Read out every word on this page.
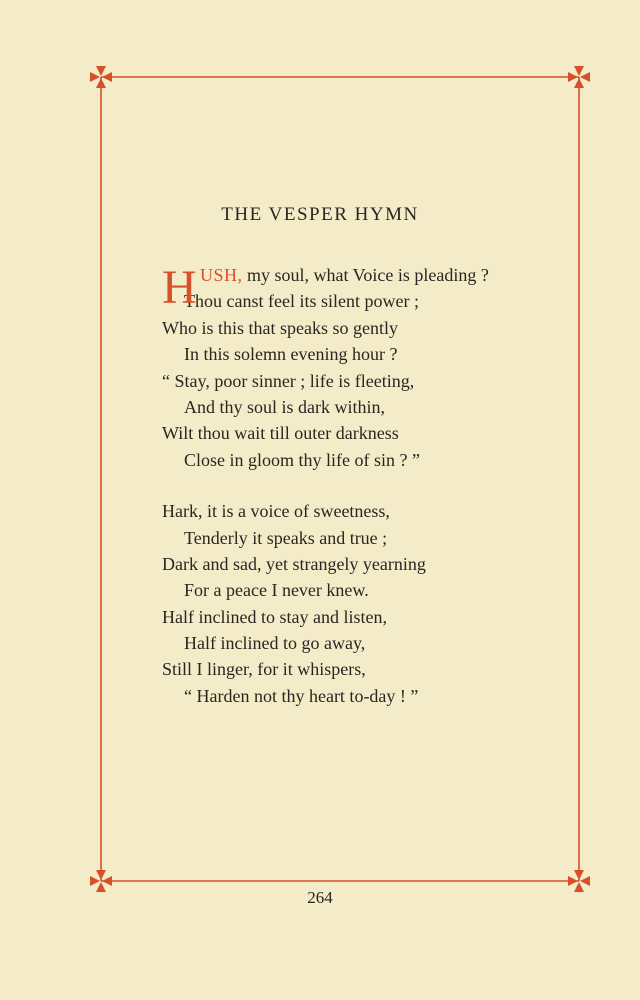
THE VESPER HYMN
H USH, my soul, what Voice is pleading ?
Thou canst feel its silent power ;
Who is this that speaks so gently
In this solemn evening hour ?
“ Stay, poor sinner ; life is fleeting,
And thy soul is dark within,
Wilt thou wait till outer darkness
Close in gloom thy life of sin ? ”
Hark, it is a voice of sweetness,
Tenderly it speaks and true ;
Dark and sad, yet strangely yearning
For a peace I never knew.
Half inclined to stay and listen,
Half inclined to go away,
Still I linger, for it whispers,
“ Harden not thy heart to-day ! ”
264
